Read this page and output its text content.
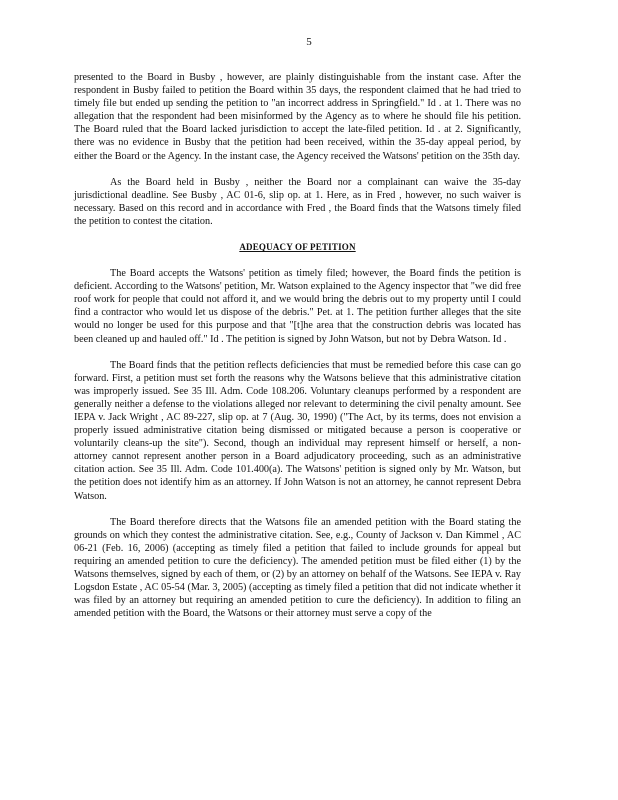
5

presented to the Board in Busby , however, are plainly distinguishable from the instant case. After the respondent in Busby failed to petition the Board within 35 days, the respondent claimed that he had tried to timely file but ended up sending the petition to "an incorrect address in Springfield." Id . at 1. There was no allegation that the respondent had been misinformed by the Agency as to where he should file his petition. The Board ruled that the Board lacked jurisdiction to accept the late-filed petition. Id . at 2. Significantly, there was no evidence in Busby that the petition had been received, within the 35-day appeal period, by either the Board or the Agency. In the instant case, the Agency received the Watsons' petition on the 35th day.

As the Board held in Busby , neither the Board nor a complainant can waive the 35-day jurisdictional deadline. See Busby , AC 01-6, slip op. at 1. Here, as in Fred , however, no such waiver is necessary. Based on this record and in accordance with Fred , the Board finds that the Watsons timely filed the petition to contest the citation.

ADEQUACY OF PETITION

The Board accepts the Watsons' petition as timely filed; however, the Board finds the petition is deficient. According to the Watsons' petition, Mr. Watson explained to the Agency inspector that "we did free roof work for people that could not afford it, and we would bring the debris out to my property until I could find a contractor who would let us dispose of the debris." Pet. at 1. The petition further alleges that the site would no longer be used for this purpose and that "[t]he area that the construction debris was located has been cleaned up and hauled off." Id . The petition is signed by John Watson, but not by Debra Watson. Id .

The Board finds that the petition reflects deficiencies that must be remedied before this case can go forward. First, a petition must set forth the reasons why the Watsons believe that this administrative citation was improperly issued. See 35 Ill. Adm. Code 108.206. Voluntary cleanups performed by a respondent are generally neither a defense to the violations alleged nor relevant to determining the civil penalty amount. See IEPA v. Jack Wright , AC 89-227, slip op. at 7 (Aug. 30, 1990) ("The Act, by its terms, does not envision a properly issued administrative citation being dismissed or mitigated because a person is cooperative or voluntarily cleans-up the site"). Second, though an individual may represent himself or herself, a non-attorney cannot represent another person in a Board adjudicatory proceeding, such as an administrative citation action. See 35 Ill. Adm. Code 101.400(a). The Watsons' petition is signed only by Mr. Watson, but the petition does not identify him as an attorney. If John Watson is not an attorney, he cannot represent Debra Watson.

The Board therefore directs that the Watsons file an amended petition with the Board stating the grounds on which they contest the administrative citation. See, e.g., County of Jackson v. Dan Kimmel , AC 06-21 (Feb. 16, 2006) (accepting as timely filed a petition that failed to include grounds for appeal but requiring an amended petition to cure the deficiency). The amended petition must be filed either (1) by the Watsons themselves, signed by each of them, or (2) by an attorney on behalf of the Watsons. See IEPA v. Ray Logsdon Estate , AC 05-54 (Mar. 3, 2005) (accepting as timely filed a petition that did not indicate whether it was filed by an attorney but requiring an amended petition to cure the deficiency). In addition to filing an amended petition with the Board, the Watsons or their attorney must serve a copy of the
